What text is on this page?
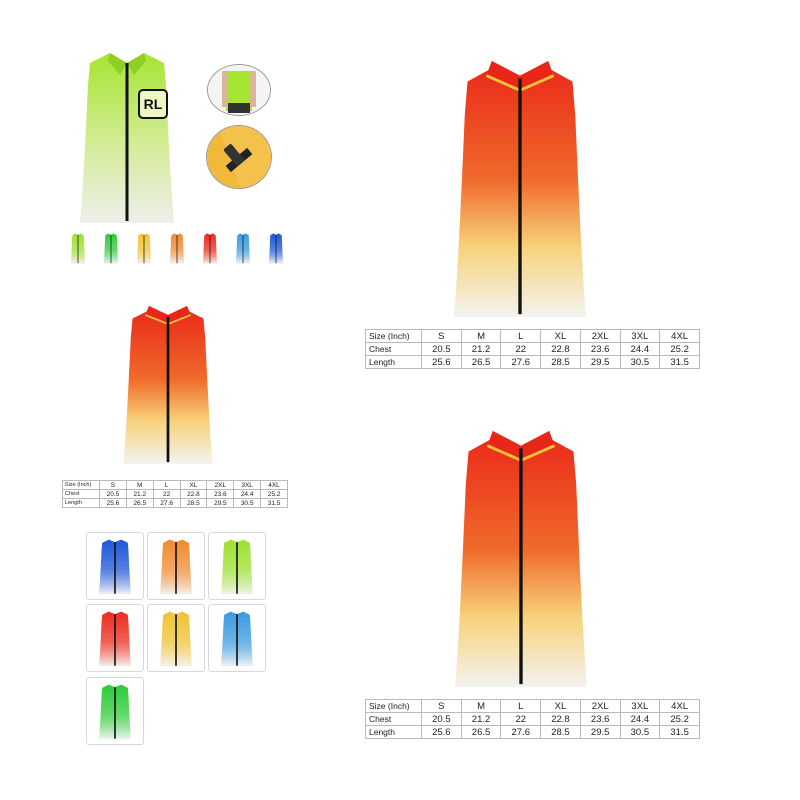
RL
Size (Inch)	S	M	L	XL	2XL	3XL	4XL
Chest	20.5	21.2	22	22.8	23.6	24.4	25.2
Length	25.6	26.5	27.6	28.5	29.5	30.5	31.5
Size (Inch)	S	M	L	XL	2XL	3XL	4XL
Chest	20.5	21.2	22	22.8	23.6	24.4	25.2
Length	25.6	26.5	27.6	28.5	29.5	30.5	31.5
Size (Inch)	S	M	L	XL	2XL	3XL	4XL
Chest	20.5	21.2	22	22.8	23.6	24.4	25.2
Length	25.6	26.5	27.6	28.5	29.5	30.5	31.5
